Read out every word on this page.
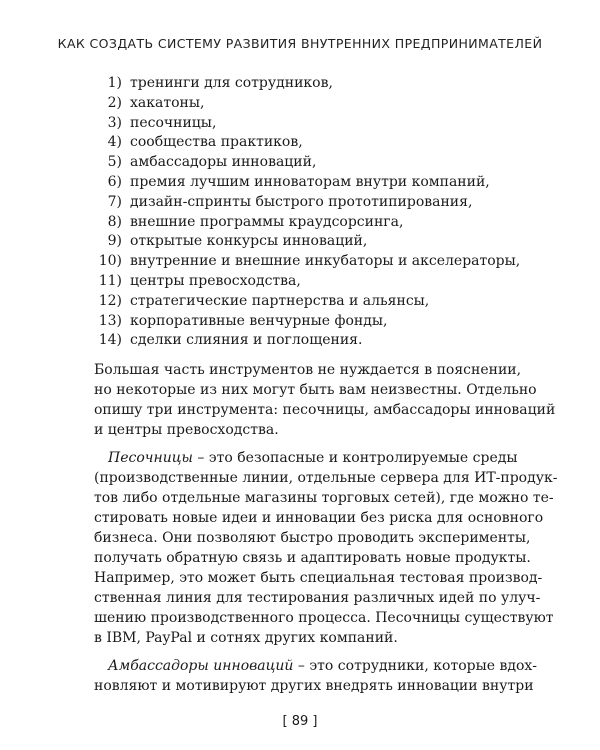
КАК СОЗДАТЬ СИСТЕМУ РАЗВИТИЯ ВНУТРЕННИХ ПРЕДПРИНИМАТЕЛЕЙ
1) тренинги для сотрудников,
2) хакатоны,
3) песочницы,
4) сообщества практиков,
5) амбассадоры инноваций,
6) премия лучшим инноваторам внутри компаний,
7) дизайн-спринты быстрого прототипирования,
8) внешние программы краудсорсинга,
9) открытые конкурсы инноваций,
10) внутренние и внешние инкубаторы и акселераторы,
11) центры превосходства,
12) стратегические партнерства и альянсы,
13) корпоративные венчурные фонды,
14) сделки слияния и поглощения.

Большая часть инструментов не нуждается в пояснении,
но некоторые из них могут быть вам неизвестны. Отдельно
опишу три инструмента: песочницы, амбассадоры инноваций
и центры превосходства.

 Песочницы – это безопасные и контролируемые среды
(производственные линии, отдельные сервера для ИТ-продук-
тов либо отдельные магазины торговых сетей), где можно те-
стировать новые идеи и инновации без риска для основного
бизнеса. Они позволяют быстро проводить эксперименты,
получать обратную связь и адаптировать новые продукты.
Например, это может быть специальная тестовая производ-
ственная линия для тестирования различных идей по улуч-
шению производственного процесса. Песочницы существуют
в IBM, PayPal и сотнях других компаний.

 Амбассадоры инноваций – это сотрудники, которые вдох-
новляют и мотивируют других внедрять инновации внутри

[ 89 ]
